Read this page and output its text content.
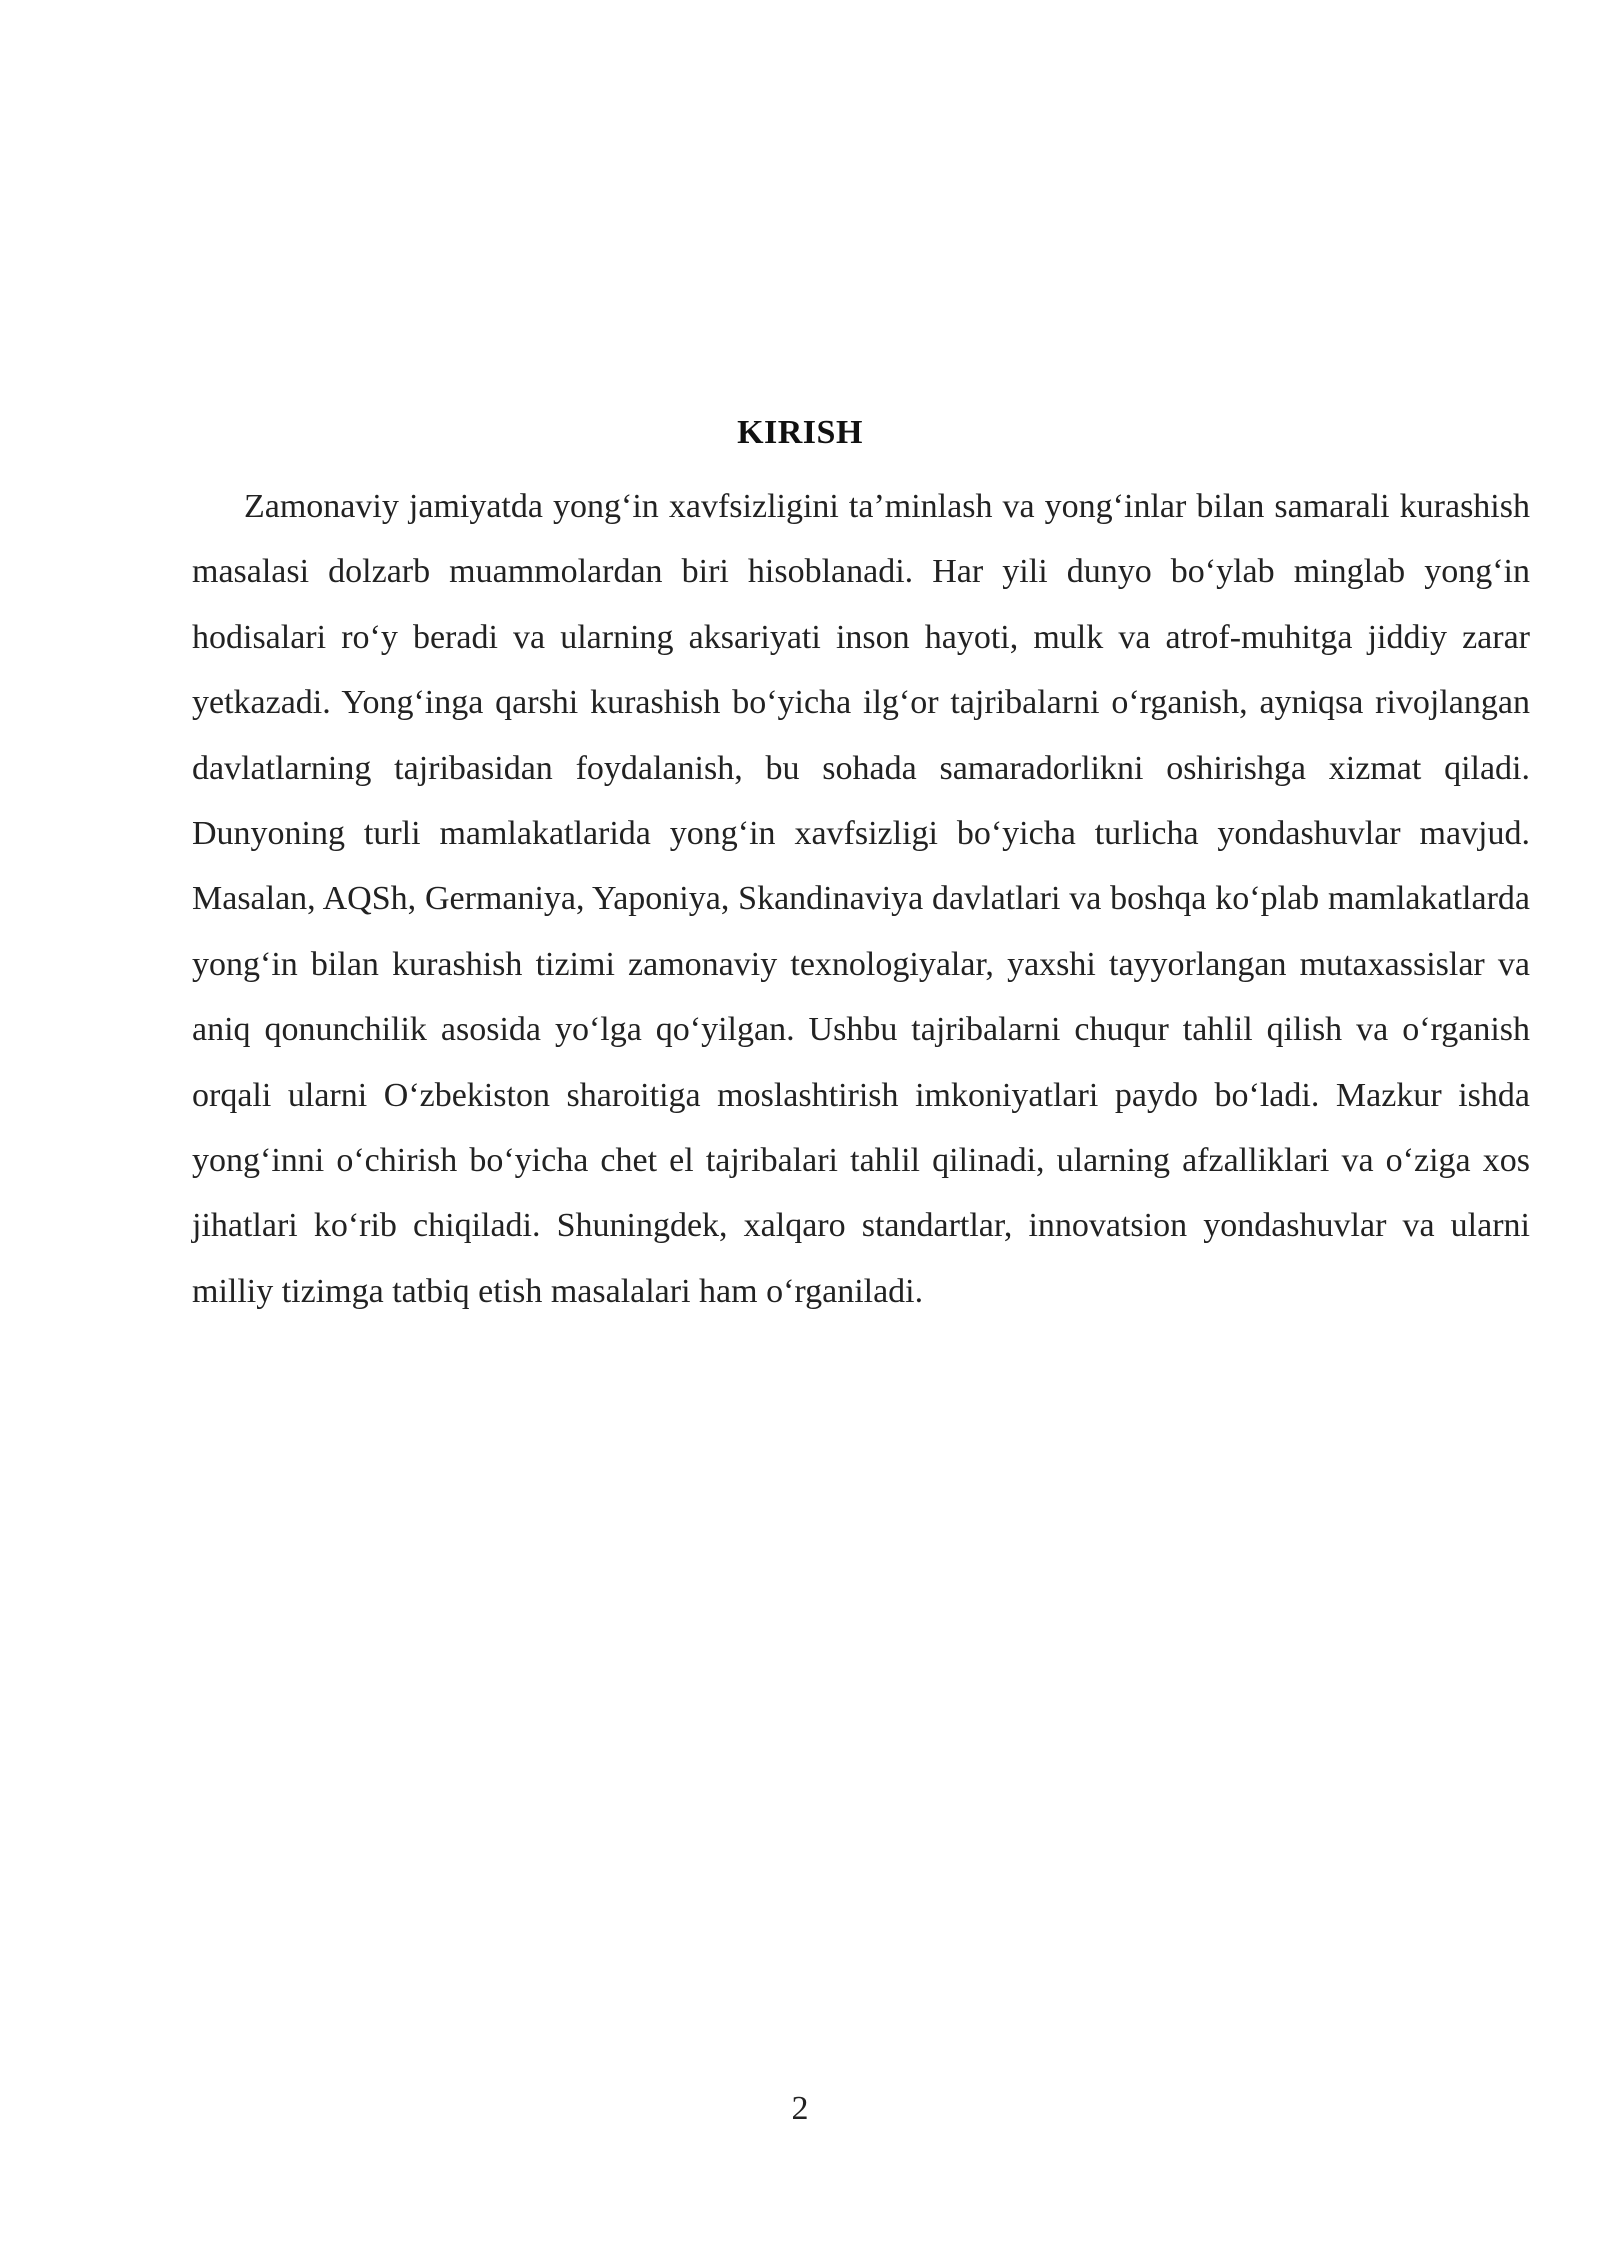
KIRISH

Zamonaviy jamiyatda yong‘in xavfsizligini ta’minlash va yong‘inlar bilan samarali kurashish masalasi dolzarb muammolardan biri hisoblanadi. Har yili dunyo bo‘ylab minglab yong‘in hodisalari ro‘y beradi va ularning aksariyati inson hayoti, mulk va atrof-muhitga jiddiy zarar yetkazadi. Yong‘inga qarshi kurashish bo‘yicha ilg‘or tajribalarni o‘rganish, ayniqsa rivojlangan davlatlarning tajribasidan foydalanish, bu sohada samaradorlikni oshirishga xizmat qiladi. Dunyoning turli mamlakatlarida yong‘in xavfsizligi bo‘yicha turlicha yondashuvlar mavjud. Masalan, AQSh, Germaniya, Yaponiya, Skandinaviya davlatlari va boshqa ko‘plab mamlakatlarda yong‘in bilan kurashish tizimi zamonaviy texnologiyalar, yaxshi tayyorlangan mutaxassislar va aniq qonunchilik asosida yo‘lga qo‘yilgan. Ushbu tajribalarni chuqur tahlil qilish va o‘rganish orqali ularni O‘zbekiston sharoitiga moslashtirish imkoniyatlari paydo bo‘ladi. Mazkur ishda yong‘inni o‘chirish bo‘yicha chet el tajribalari tahlil qilinadi, ularning afzalliklari va o‘ziga xos jihatlari ko‘rib chiqiladi. Shuningdek, xalqaro standartlar, innovatsion yondashuvlar va ularni milliy tizimga tatbiq etish masalalari ham o‘rganiladi.

2
